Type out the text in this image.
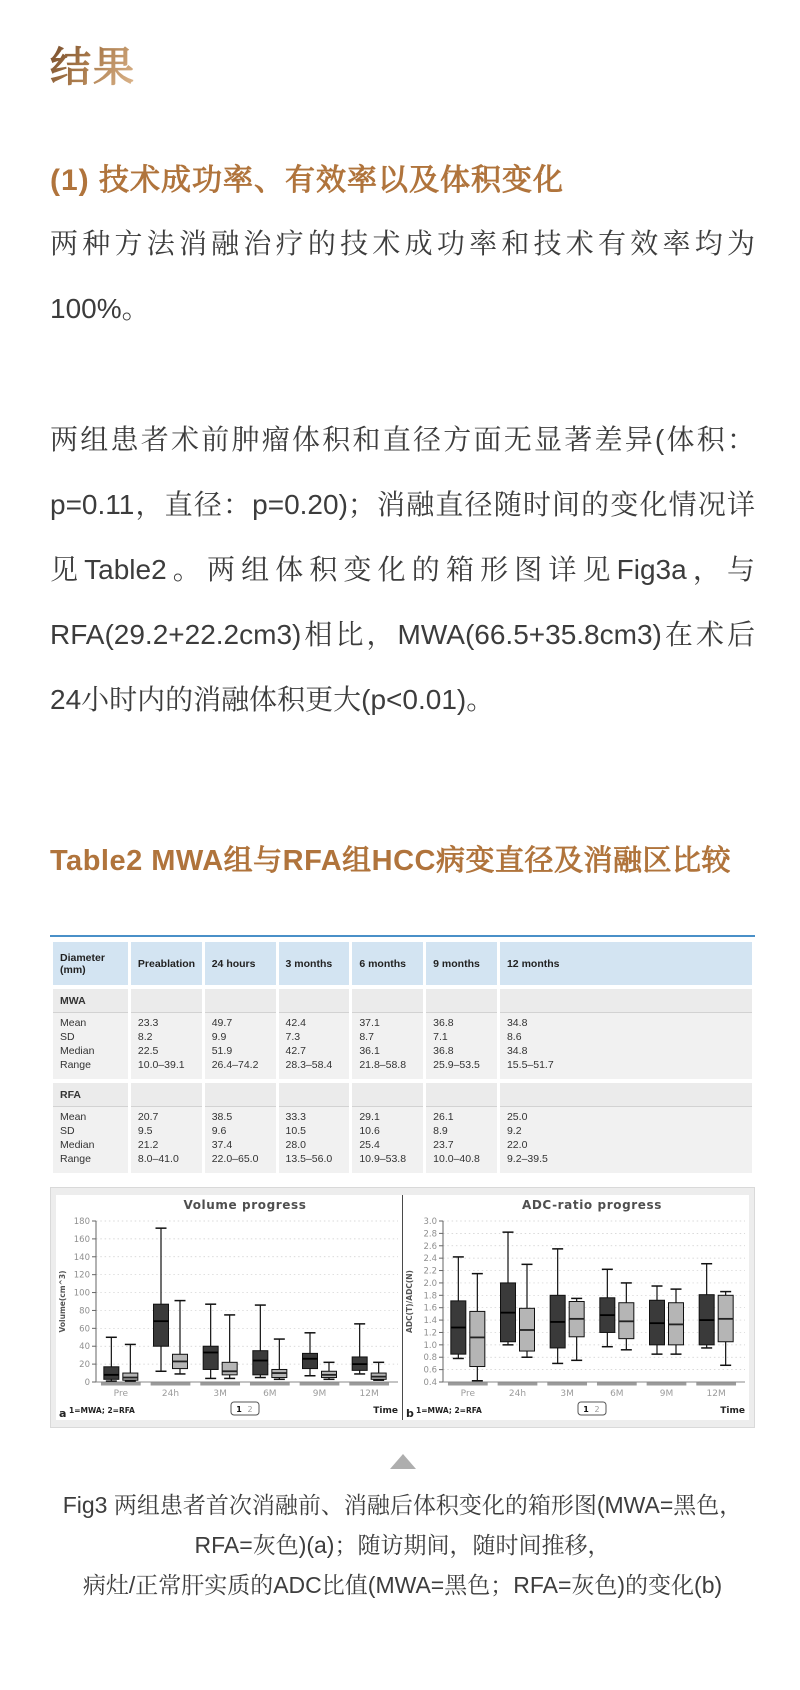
结果
(1) 技术成功率、有效率以及体积变化

两种方法消融治疗的技术成功率和技术有效率均为100%。

两组患者术前肿瘤体积和直径方面无显著差异(体积：p=0.11，直径：p=0.20)；消融直径随时间的变化情况详见Table2。两组体积变化的箱形图详见Fig3a，与RFA(29.2+22.2cm3)相比，MWA(66.5+35.8cm3)在术后24小时内的消融体积更大(p<0.01)。

Table2 MWA组与RFA组HCC病变直径及消融区比较
Diameter (mm)	Preablation	24 hours	3 months	6 months	9 months	12 months

MWA						
Mean	23.3	49.7	42.4	37.1	36.8	34.8
SD	8.2	9.9	7.3	8.7	7.1	8.6
Median	22.5	51.9	42.7	36.1	36.8	34.8
Range	10.0–39.1	26.4–74.2	28.3–58.4	21.8–58.8	25.9–53.5	15.5–51.7

RFA						
Mean	20.7	38.5	33.3	29.1	26.1	25.0
SD	9.5	9.6	10.5	10.6	8.9	9.2
Median	21.2	37.4	28.0	25.4	23.7	22.0
Range	8.0–41.0	22.0–65.0	13.5–56.0	10.9–53.8	10.0–40.8	9.2–39.5
0
20
40
60
80
100
120
140
160
180
Volume progress
Volume(cm^3)
Pre	24h	3M	6M	9M	12M
a 1=MWA; 2=RFA	1 2	Time
0.4
0.6
0.8
1.0
1.2
1.4
1.6
1.8
2.0
2.2
2.4
2.6
2.8
3.0
ADC-ratio progress
ADC(T)/ADC(N)
Pre	24h	3M	6M	9M	12M
b 1=MWA; 2=RFA	1 2	Time
Fig3 两组患者首次消融前、消融后体积变化的箱形图(MWA=黑色，
RFA=灰色)(a)；随访期间，随时间推移，
病灶/正常肝实质的ADC比值(MWA=黑色；RFA=灰色)的变化(b)
